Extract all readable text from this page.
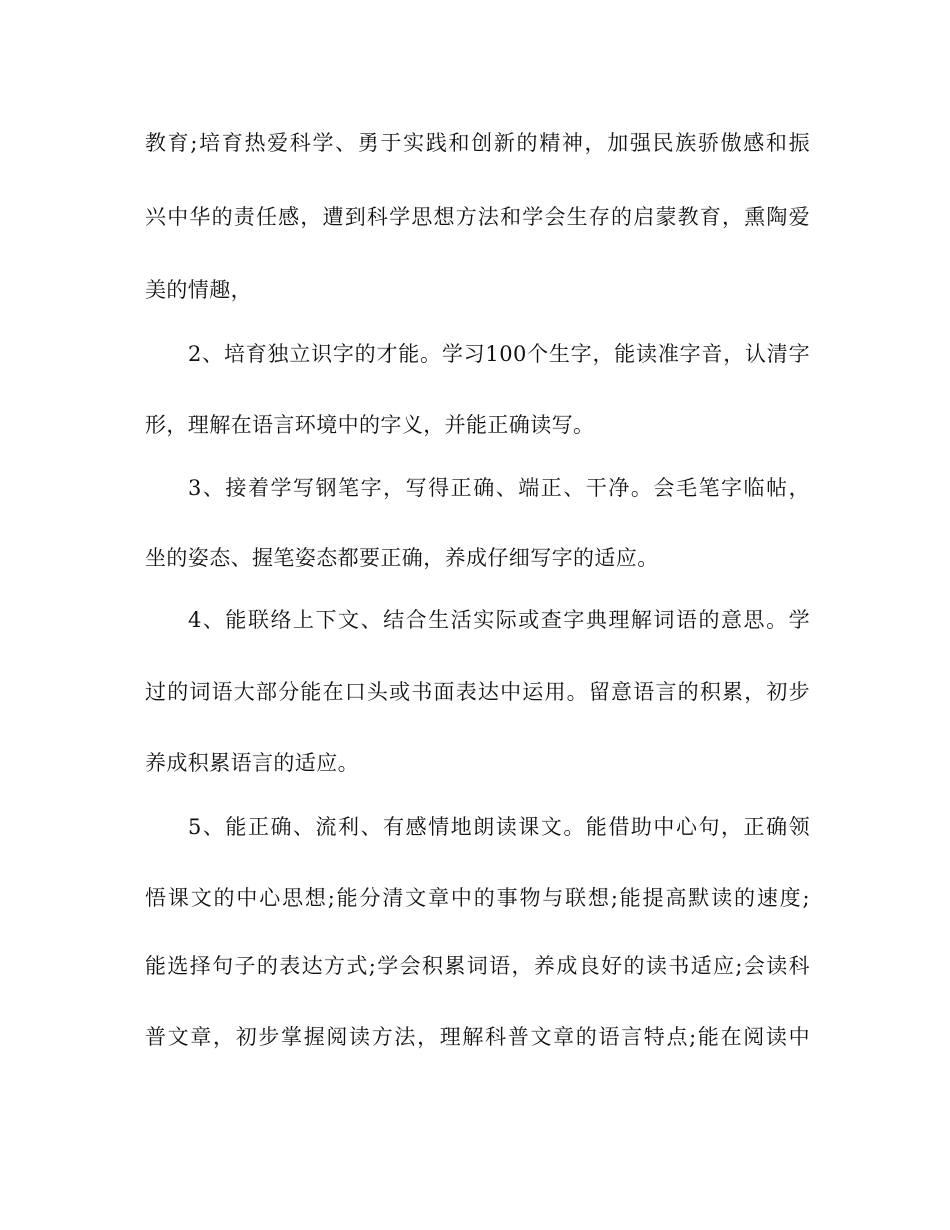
教育;培育热爱科学、勇于实践和创新的精神，加强民族骄傲感和振
兴中华的责任感，遭到科学思想方法和学会生存的启蒙教育，熏陶爱
美的情趣，
2、培育独立识字的才能。学习100个生字，能读准字音，认清字
形，理解在语言环境中的字义，并能正确读写。
3、接着学写钢笔字，写得正确、端正、干净。会毛笔字临帖，
坐的姿态、握笔姿态都要正确，养成仔细写字的适应。
4、能联络上下文、结合生活实际或查字典理解词语的意思。学
过的词语大部分能在口头或书面表达中运用。留意语言的积累，初步
养成积累语言的适应。
5、能正确、流利、有感情地朗读课文。能借助中心句，正确领
悟课文的中心思想;能分清文章中的事物与联想;能提高默读的速度;
能选择句子的表达方式;学会积累词语，养成良好的读书适应;会读科
普文章，初步掌握阅读方法，理解科普文章的语言特点;能在阅读中
